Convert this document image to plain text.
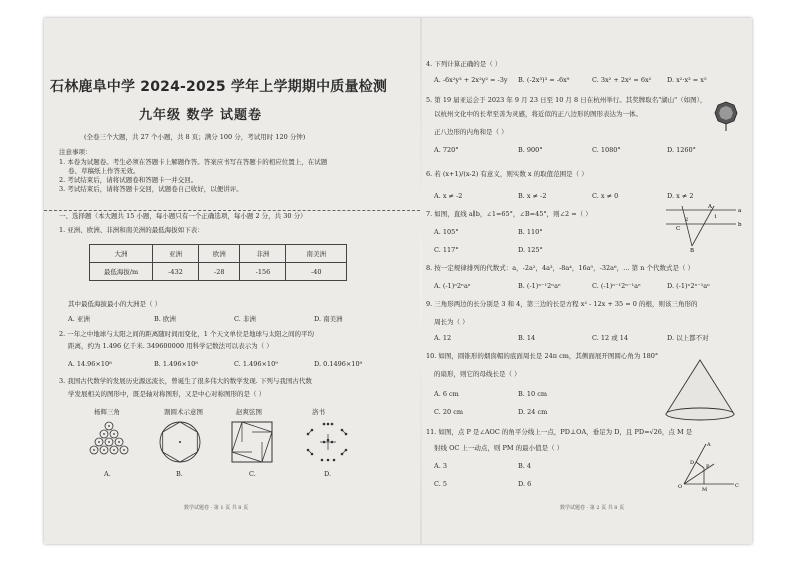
石林鹿阜中学 2024-2025 学年上学期期中质量检测
九年级 数学 试题卷
(全卷三个大题，共 27 个小题，共 8 页；满分 100 分，考试用时 120 分钟)
注意事项：
1. 本卷为试题卷。考生必须在答题卡上解题作答。答案应书写在答题卡的相应位置上，在试题
卷、草稿纸上作答无效。
2. 考试结束后，请将试题卷和答题卡一并交回。
3. 考试结束后，请将答题卡交回，试题卷自己收好，以便讲评。
一、选择题（本大题共 15 小题，每小题只有一个正确选项，每小题 2 分，共 30 分）
1. 亚洲、欧洲、非洲和南美洲的最低海拔如下表：
大洲	亚洲	欧洲	非洲	南美洲
最低海拔/m	-432	-28	-156	-40
其中最低海拔最小的大洲是（ ）
A. 亚洲	B. 欧洲	C. 非洲	D. 南美洲
2. 一年之中地球与太阳之间的距离随时间而变化，1 个天文单位是地球与太阳之间的平均
距离，约为 1.496 亿千米. 349600000 用科学记数法可以表示为（ ）
A. 14.96×10⁸	B. 1.496×10⁸	C. 1.496×10⁹	D. 0.1496×10⁹
3. 我国古代数学的发展历史源远流长，曾诞生了很多伟大的数学发现. 下列与我国古代数
学发展相关的图形中，既是轴对称图形，又是中心对称图形的是（ ）
杨辉三角	割圆术示意图	赵爽弦图	洛书
A.	B.	C.	D.
数学试题卷 · 第 1 页 共 8 页
4. 下列计算正确的是（ ）
A. -6x²y³ + 2x²y² = -3y B. (-2x³)³ = -6x⁹	C. 3x² + 2x² = 6x² D. x²·x³ = x⁵
5. 第 19 届亚运会于 2023 年 9 月 23 日至 10 月 8 日在杭州举行。其奖牌取名"湖山"（如图），
以杭州文化中的长辈至善为灵感，将近似的正八边形的图形表达为一体。
正八边形的内角和是（ ）
A. 720°	B. 900°	C. 1080°	D. 1260°
6. 若 (x+1)/(x-2) 有意义，则实数 x 的取值范围是（ ）
A. x ≠ -2	B. x ≠ -2	C. x ≠ 0	D. x ≠ 2
7. 如图，直线 a∥b，∠1=65°，∠B=45°，则∠2 =（ ）	a
b
A
B
C
1
2
A. 105°	B. 110°
C. 117°	D. 125°
8. 按一定规律排列的代数式：a，-2a²，4a³，-8a⁴，16a⁵，-32a⁶，… 第 n 个代数式是（ ）
A. (-1)ⁿ2ⁿaⁿ	B. (-1)ⁿ⁻¹2ⁿaⁿ	C. (-1)ⁿ⁻¹2ⁿ⁻¹aⁿ	D. (-1)ⁿ2ⁿ⁻¹aⁿ
9. 三角形两边的长分别是 3 和 4，第三边的长是方程 x² - 12x + 35 = 0 的根，则该三角形的
周长为（ ）
A. 12	B. 14	C. 12 或 14	D. 以上都不对
10. 如图，圆锥形的烟囱帽的底面周长是 24π cm，其侧面展开图圆心角为 180°
的扇形，则它的母线长是（ ）
A. 6 cm	B. 10 cm
C. 20 cm	D. 24 cm
11. 如图，点 P 是∠AOC 的角平分线上一点，PD⊥OA，垂足为 D，且 PD=√26，点 M 是
射线 OC 上一动点，则 PM 的最小值是（ ）	A
D
P
O	M
C
A. 3	B. 4
C. 5	D. 6
数学试题卷 · 第 2 页 共 8 页
